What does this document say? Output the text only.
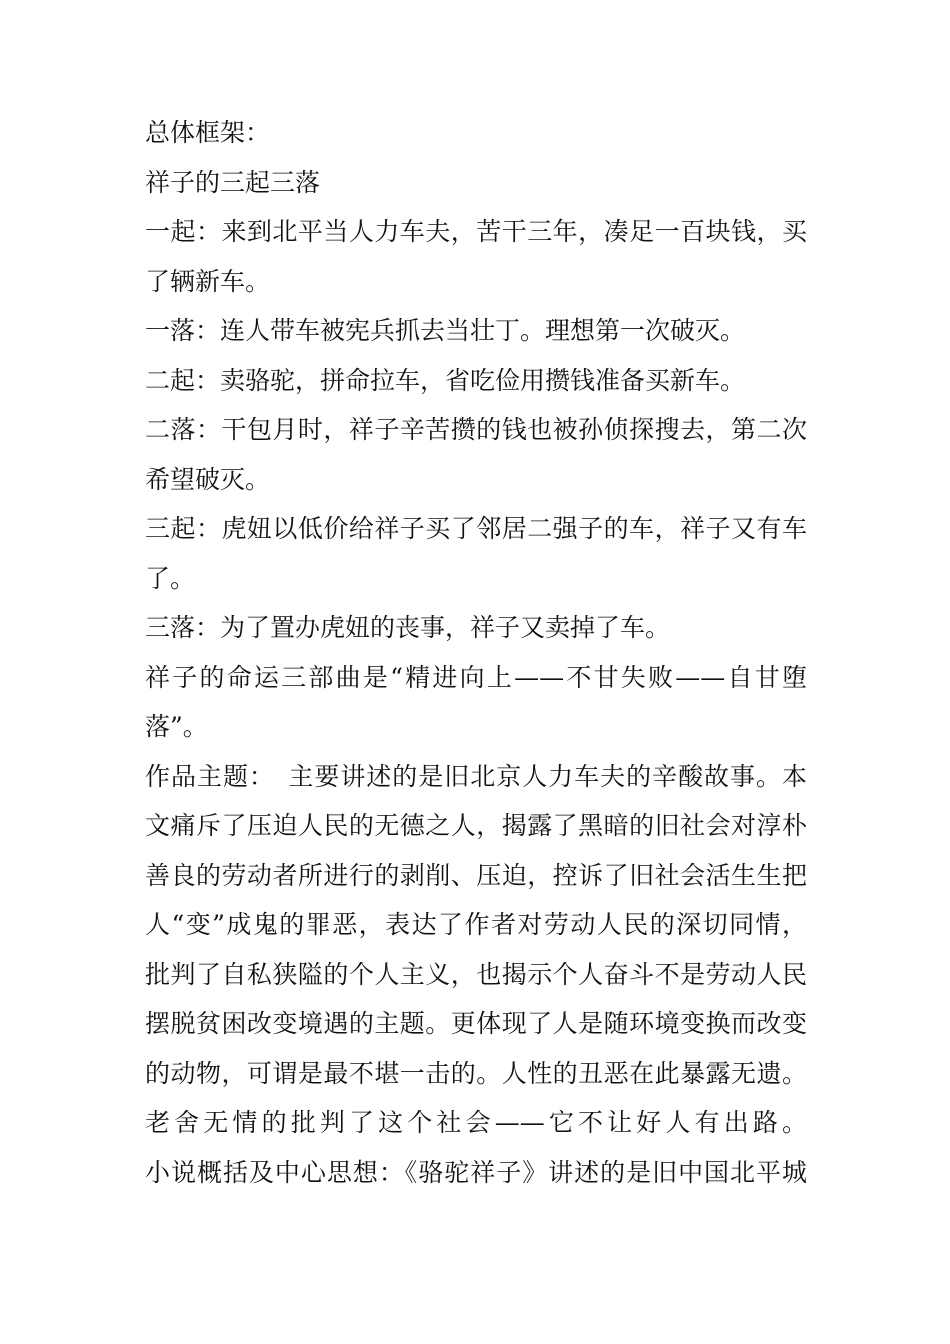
总体框架：
祥子的三起三落
一起：来到北平当人力车夫，苦干三年，凑足一百块钱，买
了辆新车。
一落：连人带车被宪兵抓去当壮丁。理想第一次破灭。
二起：卖骆驼，拼命拉车，省吃俭用攒钱准备买新车。
二落：干包月时，祥子辛苦攒的钱也被孙侦探搜去，第二次
希望破灭。
三起：虎妞以低价给祥子买了邻居二强子的车，祥子又有车
了。
三落：为了置办虎妞的丧事，祥子又卖掉了车。
祥子的命运三部曲是“精进向上——不甘失败——自甘堕
落”。
作品主题：　主要讲述的是旧北京人力车夫的辛酸故事。本
文痛斥了压迫人民的无德之人，揭露了黑暗的旧社会对淳朴
善良的劳动者所进行的剥削、压迫，控诉了旧社会活生生把
人“变”成鬼的罪恶，表达了作者对劳动人民的深切同情，
批判了自私狭隘的个人主义，也揭示个人奋斗不是劳动人民
摆脱贫困改变境遇的主题。更体现了人是随环境变换而改变
的动物，可谓是最不堪一击的。人性的丑恶在此暴露无遗。
老舍无情的批判了这个社会——它不让好人有出路。
小说概括及中心思想：《骆驼祥子》讲述的是旧中国北平城
